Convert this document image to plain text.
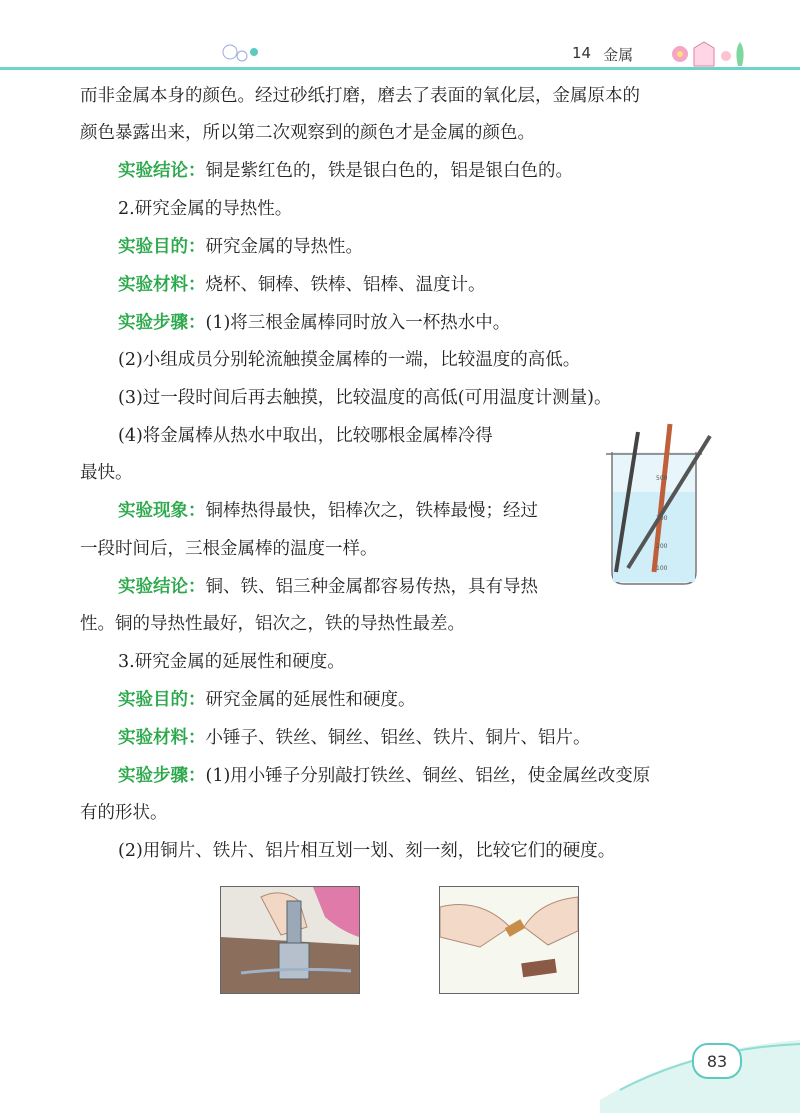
14 金属
而非金属本身的颜色。经过砂纸打磨，磨去了表面的氧化层，金属原本的
颜色暴露出来，所以第二次观察到的颜色才是金属的颜色。
实验结论：铜是紫红色的，铁是银白色的，铝是银白色的。
2.研究金属的导热性。
实验目的：研究金属的导热性。
实验材料：烧杯、铜棒、铁棒、铝棒、温度计。
实验步骤：(1)将三根金属棒同时放入一杯热水中。
(2)小组成员分别轮流触摸金属棒的一端，比较温度的高低。
(3)过一段时间后再去触摸，比较温度的高低(可用温度计测量)。
(4)将金属棒从热水中取出，比较哪根金属棒冷得
最快。
实验现象：铜棒热得最快，铝棒次之，铁棒最慢；经过
一段时间后，三根金属棒的温度一样。
实验结论：铜、铁、铝三种金属都容易传热，具有导热
性。铜的导热性最好，铝次之，铁的导热性最差。
3.研究金属的延展性和硬度。
实验目的：研究金属的延展性和硬度。
实验材料：小锤子、铁丝、铜丝、铝丝、铁片、铜片、铝片。
实验步骤：(1)用小锤子分别敲打铁丝、铜丝、铝丝，使金属丝改变原
有的形状。
(2)用铜片、铁片、铝片相互划一划、刻一刻，比较它们的硬度。
500
300
200
100
83
